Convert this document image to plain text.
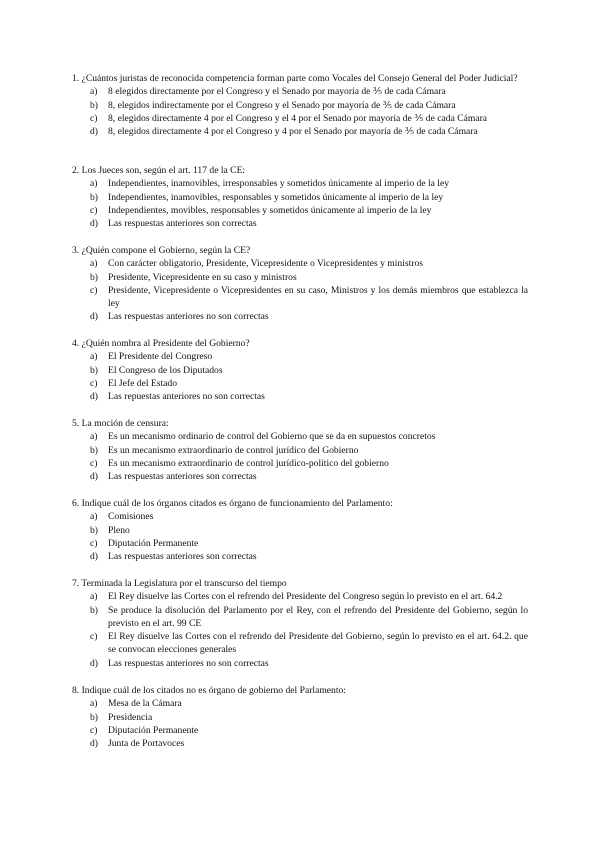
1. ¿Cuántos juristas de reconocida competencia forman parte como Vocales del Consejo General del Poder Judicial?

a)	8 elegidos directamente por el Congreso y el Senado por mayoría de ⅗ de cada Cámara
b)	8, elegidos indirectamente por el Congreso y el Senado por mayoría de ⅗ de cada Cámara
c)	8, elegidos directamente 4 por el Congreso y el 4 por el Senado por mayoría de ⅗ de cada Cámara
d)	8, elegidos directamente 4 por el Congreso y 4 por el Senado por mayoría de ⅗ de cada Cámara

2. Los Jueces son, según el art. 117 de la CE:

a)	Independientes, inamovibles, irresponsables y sometidos únicamente al imperio de la ley
b)	Independientes, inamovibles, responsables y sometidos únicamente al imperio de la ley
c)	Independientes, movibles, responsables y sometidos únicamente al imperio de la ley
d)	Las respuestas anteriores son correctas

3. ¿Quién compone el Gobierno, según la CE?

a)	Con carácter obligatorio, Presidente, Vicepresidente o Vicepresidentes y ministros
b)	Presidente, Vicepresidente en su caso y ministros
c)	Presidente, Vicepresidente o Vicepresidentes en su caso, Ministros y los demás miembros que establezca la ley
d)	Las respuestas anteriores no son correctas

4. ¿Quién nombra al Presidente del Gobierno?

a)	El Presidente del Congreso
b)	El Congreso de los Diputados
c)	El Jefe del Estado
d)	Las repuestas anteriores no son correctas

5. La moción de censura:

a)	Es un mecanismo ordinario de control del Gobierno que se da en supuestos concretos
b)	Es un mecanismo extraordinario de control jurídico del Gobierno
c)	Es un mecanismo extraordinario de control jurídico-político del gobierno
d)	Las respuestas anteriores son correctas

6. Indique cuál de los órganos citados es órgano de funcionamiento del Parlamento:

a)	Comisiones
b)	Pleno
c)	Diputación Permanente
d)	Las respuestas anteriores son correctas

7. Terminada la Legislatura por el transcurso del tiempo

a)	El Rey disuelve las Cortes con el refrendo del Presidente del Congreso según lo previsto en el art. 64.2
b)	Se produce la disolución del Parlamento por el Rey, con el refrendo del Presidente del Gobierno, según lo previsto en el art. 99 CE
c)	El Rey disuelve las Cortes con el refrendo del Presidente del Gobierno, según lo previsto en el art. 64.2. que se convocan elecciones generales
d)	Las respuestas anteriores no son correctas

8. Indique cuál de los citados no es órgano de gobierno del Parlamento:

a)	Mesa de la Cámara
b)	Presidencia
c)	Diputación Permanente
d)	Junta de Portavoces
